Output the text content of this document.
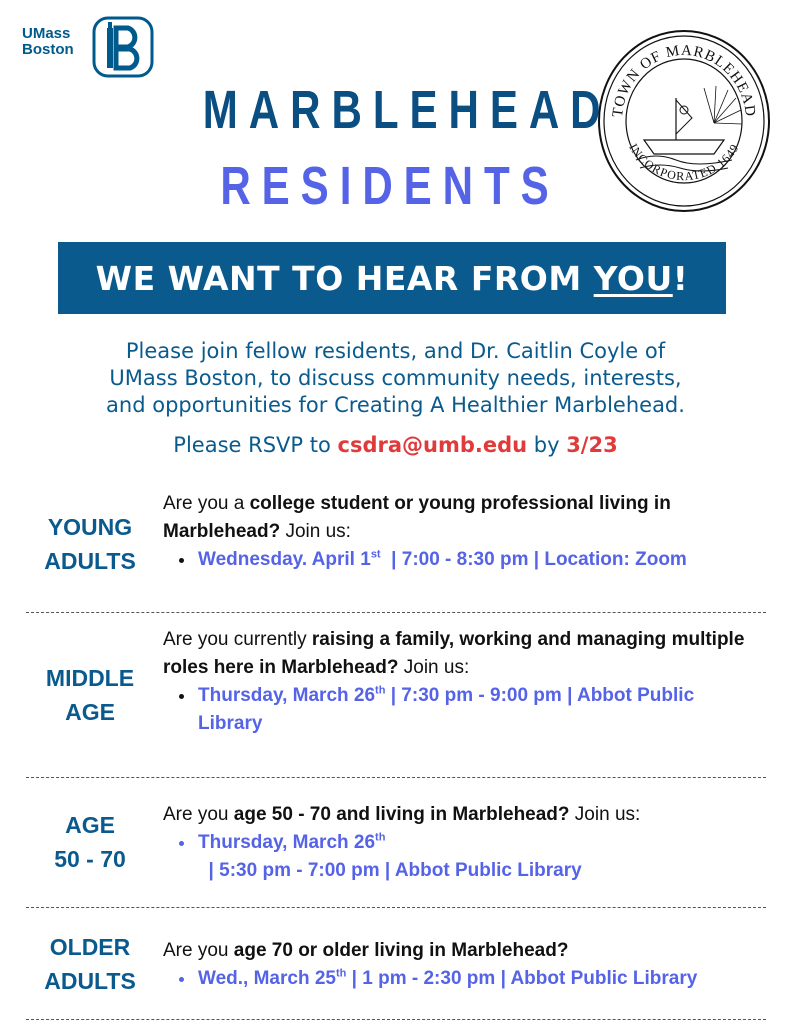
UMass
Boston
TOWN OF MARBLEHEAD
INCORPORATED 1649
MARBLEHEAD
RESIDENTS
WE WANT TO HEAR FROM YOU !
Please join fellow residents, and Dr. Caitlin Coyle of
UMass Boston, to discuss community needs, interests,
and opportunities for Creating A Healthier Marblehead.
Please RSVP to csdra@umb.edu by 3/23
YOUNG
ADULTS
Are you a college student or young professional living in Marblehead? Join us:
Wednesday. April 1st  | 7:00 - 8:30 pm | Location: Zoom
MIDDLE
AGE
Are you currently raising a family, working and managing multiple roles here in Marblehead? Join us:
Thursday, March 26th | 7:30 pm - 9:00 pm | Abbot Public Library
AGE
50 - 70
Are you age 50 - 70 and living in Marblehead? Join us:
Thursday, March 26th  | 5:30 pm - 7:00 pm | Abbot Public Library
OLDER
ADULTS
Are you age 70 or older living in Marblehead?
Wed., March 25th | 1 pm - 2:30 pm | Abbot Public Library
